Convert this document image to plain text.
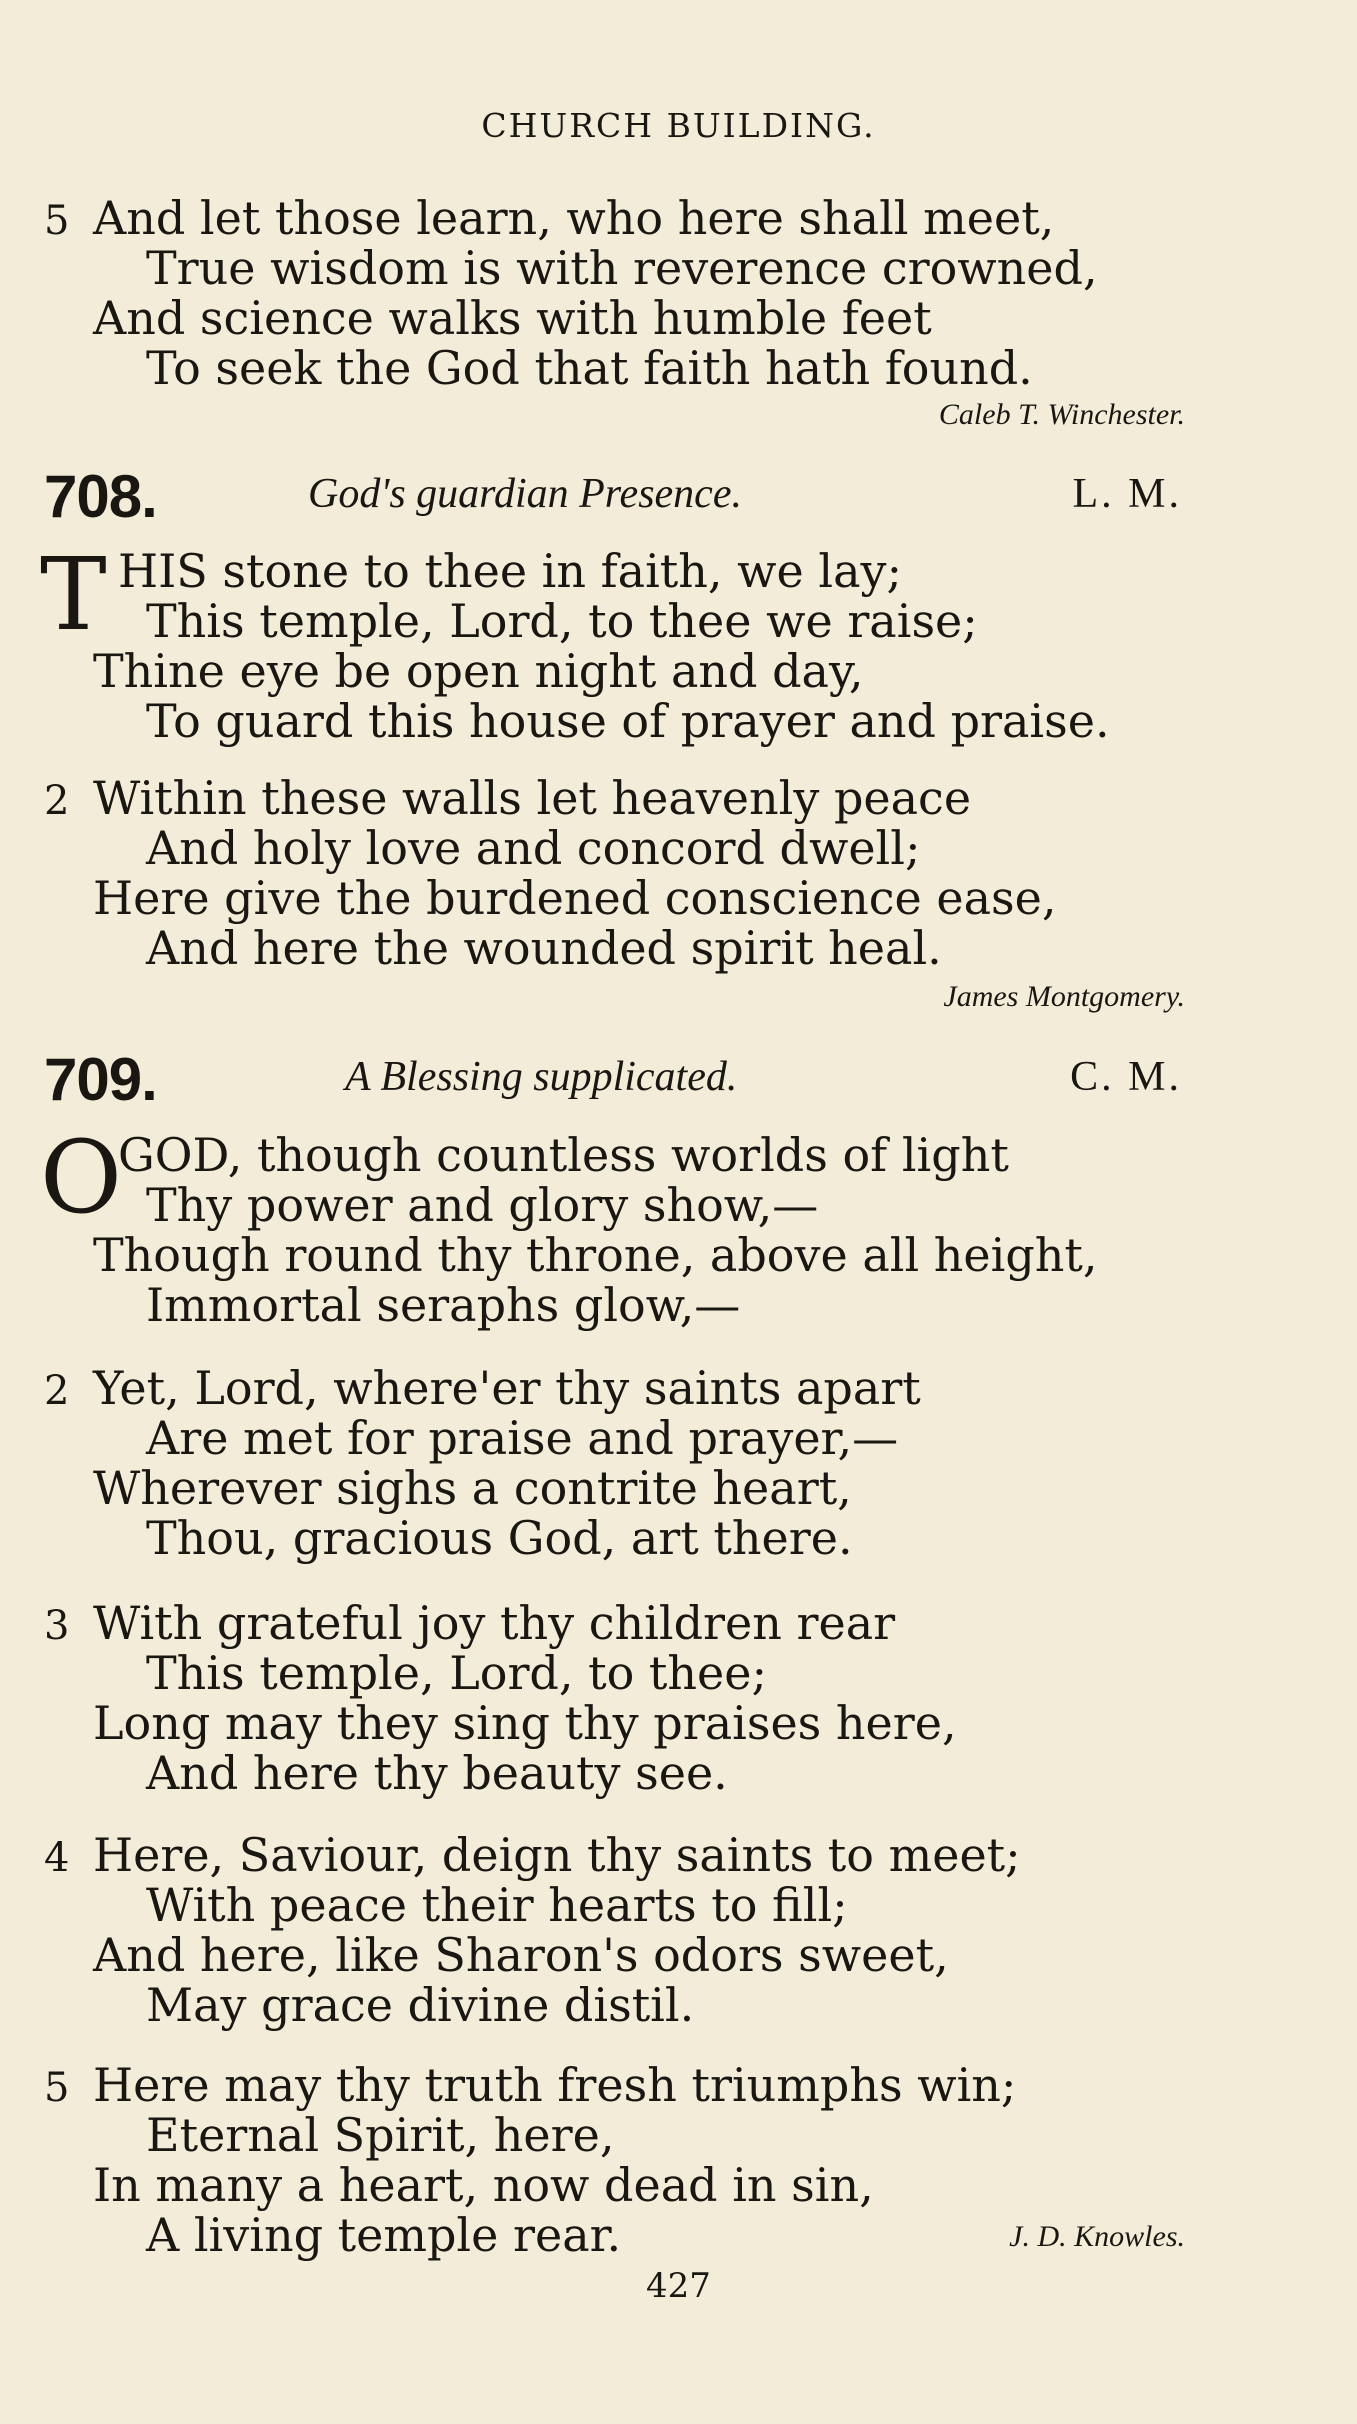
CHURCH BUILDING.
5 And let those learn, who here shall meet,
True wisdom is with reverence crowned,
And science walks with humble feet
To seek the God that faith hath found.
Caleb T. Winchester.
708.	God's guardian Presence.	L. M.
T HIS stone to thee in faith, we lay;
This temple, Lord, to thee we raise;
Thine eye be open night and day,
To guard this house of prayer and praise.
2 Within these walls let heavenly peace
And holy love and concord dwell;
Here give the burdened conscience ease,
And here the wounded spirit heal.
James Montgomery.
709.	A Blessing supplicated.	C. M.
O
GOD, though countless worlds of light
Thy power and glory show,—
Though round thy throne, above all height,
Immortal seraphs glow,—
2 Yet, Lord, where'er thy saints apart
Are met for praise and prayer,—
Wherever sighs a contrite heart,
Thou, gracious God, art there.
3 With grateful joy thy children rear
This temple, Lord, to thee;
Long may they sing thy praises here,
And here thy beauty see.
4 Here, Saviour, deign thy saints to meet;
With peace their hearts to fill;
And here, like Sharon's odors sweet,
May grace divine distil.
5 Here may thy truth fresh triumphs win;
Eternal Spirit, here,
In many a heart, now dead in sin,
A living temple rear.	J. D. Knowles.
427
